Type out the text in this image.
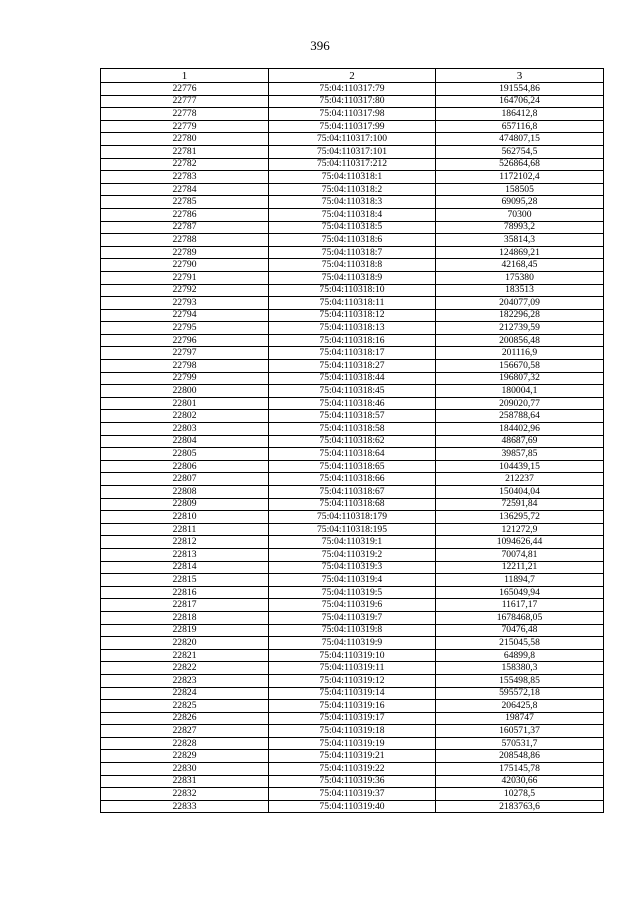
396
1	2	3
22776	75:04:110317:79	191554,86
22777	75:04:110317:80	164706,24
22778	75:04:110317:98	186412,8
22779	75:04:110317:99	657116,8
22780	75:04:110317:100	474807,15
22781	75:04:110317:101	562754,5
22782	75:04:110317:212	526864,68
22783	75:04:110318:1	1172102,4
22784	75:04:110318:2	158505
22785	75:04:110318:3	69095,28
22786	75:04:110318:4	70300
22787	75:04:110318:5	78993,2
22788	75:04:110318:6	35814,3
22789	75:04:110318:7	124869,21
22790	75:04:110318:8	42168,45
22791	75:04:110318:9	175380
22792	75:04:110318:10	183513
22793	75:04:110318:11	204077,09
22794	75:04:110318:12	182296,28
22795	75:04:110318:13	212739,59
22796	75:04:110318:16	200856,48
22797	75:04:110318:17	201116,9
22798	75:04:110318:27	156670,58
22799	75:04:110318:44	196807,32
22800	75:04:110318:45	180004,1
22801	75:04:110318:46	209020,77
22802	75:04:110318:57	258788,64
22803	75:04:110318:58	184402,96
22804	75:04:110318:62	48687,69
22805	75:04:110318:64	39857,85
22806	75:04:110318:65	104439,15
22807	75:04:110318:66	212237
22808	75:04:110318:67	150404,04
22809	75:04:110318:68	72591,84
22810	75:04:110318:179	136295,72
22811	75:04:110318:195	121272,9
22812	75:04:110319:1	1094626,44
22813	75:04:110319:2	70074,81
22814	75:04:110319:3	12211,21
22815	75:04:110319:4	11894,7
22816	75:04:110319:5	165049,94
22817	75:04:110319:6	11617,17
22818	75:04:110319:7	1678468,05
22819	75:04:110319:8	70476,48
22820	75:04:110319:9	215045,58
22821	75:04:110319:10	64899,8
22822	75:04:110319:11	158380,3
22823	75:04:110319:12	155498,85
22824	75:04:110319:14	595572,18
22825	75:04:110319:16	206425,8
22826	75:04:110319:17	198747
22827	75:04:110319:18	160571,37
22828	75:04:110319:19	570531,7
22829	75:04:110319:21	208548,86
22830	75:04:110319:22	175145,78
22831	75:04:110319:36	42030,66
22832	75:04:110319:37	10278,5
22833	75:04:110319:40	2183763,6
